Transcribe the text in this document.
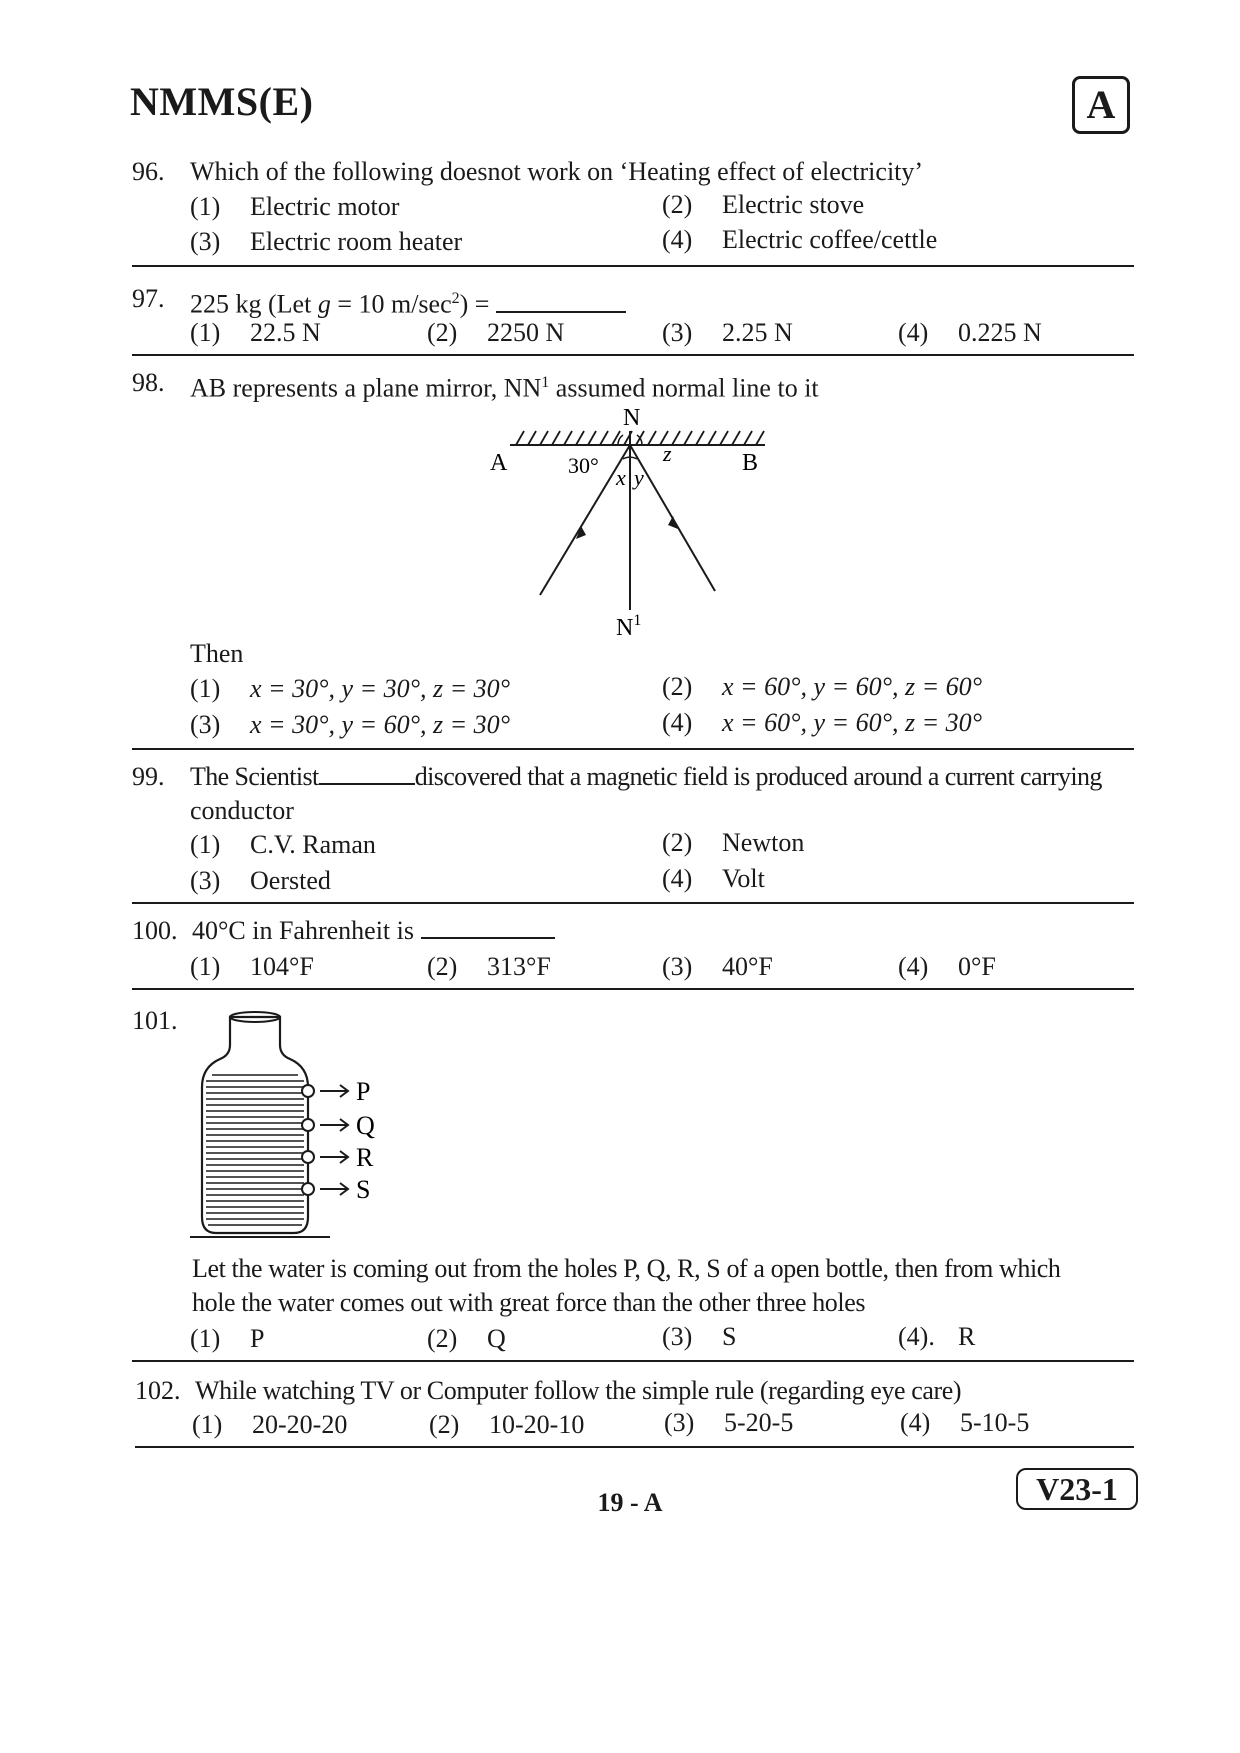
NMMS(E)	A
96. Which of the following doesnot work on ‘Heating effect of electricity’
(1) Electric motor	(2) Electric stove
(3) Electric room heater	(4) Electric coffee/cettle
97. 225 kg (Let g = 10 $m/\sec^2$) =
(1) 22.5 N	(2) 2250 N	(3) 2.25 N	(4) 0.225 N
98. AB represents a plane mirror, $NN^1$ assumed normal line to it
N
A	B
30°	z
x y
$N^1$
Then
(1) x = 30°, y = 30°, z = 30°	(2) x = 60°, y = 60°, z = 60°
(3) x = 30°, y = 60°, z = 30°	(4) x = 60°, y = 60°, z = 30°
99. The Scientist	discovered that a magnetic field is produced around a current carrying
conductor
(1) C.V. Raman	(2) Newton
(3) Oersted	(4) Volt
100. 40°C in Fahrenheit is
(1) 104°F	(2) 313°F	(3) 40°F	(4) 0°F
101.
P
Q
R
S
Let the water is coming out from the holes P, Q, R, S of a open bottle, then from which
hole the water comes out with great force than the other three holes
(1) P	(2) Q	(3) S	(4). R
102. While watching TV or Computer follow the simple rule (regarding eye care)
(1) 20-20-20	(2) 10-20-10	(3) 5-20-5	(4) 5-10-5
19 - A	V23-1
